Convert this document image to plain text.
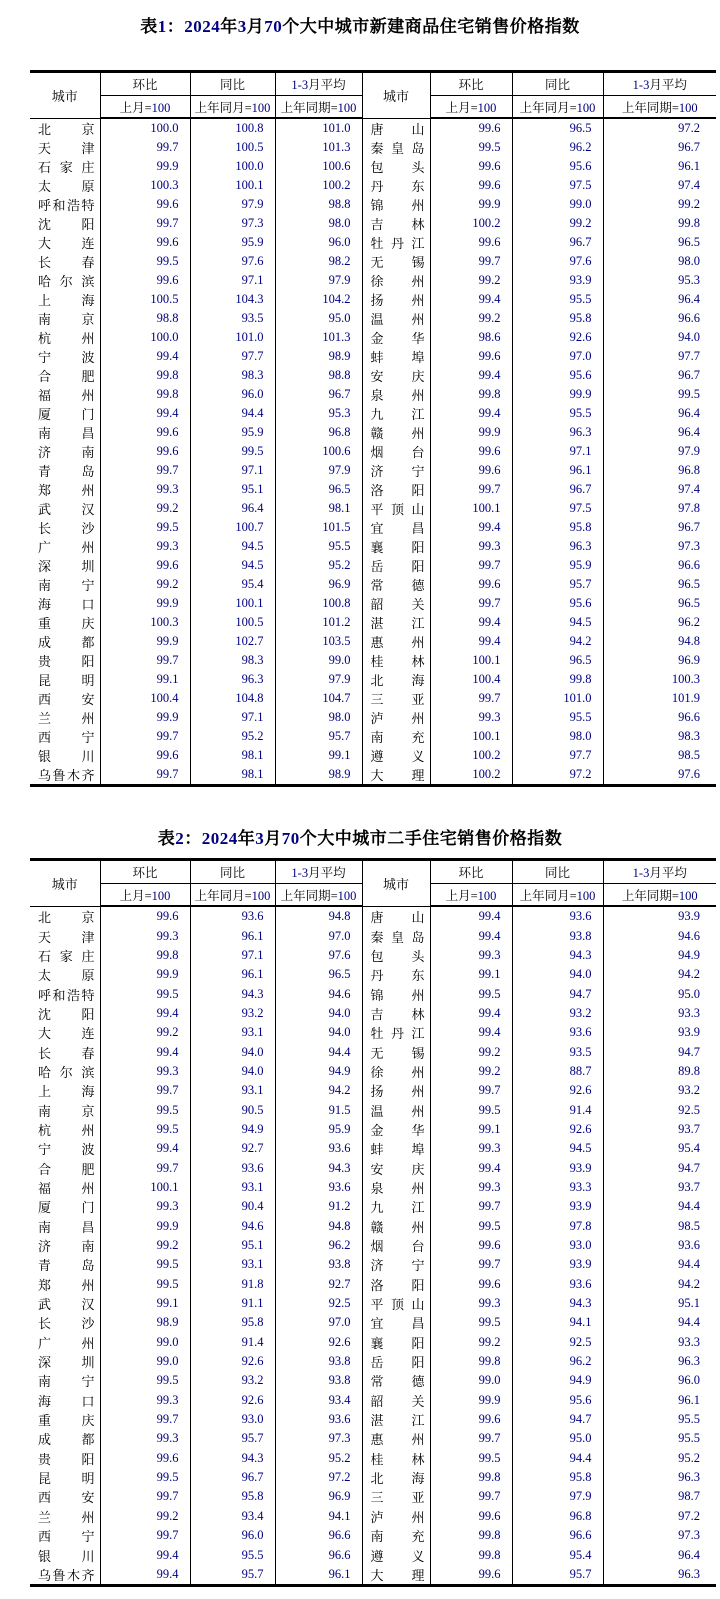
表1：2024年3月70个大中城市新建商品住宅销售价格指数
城市	环比	同比	1-3月平均	城市	环比	同比	1-3月平均
	上月=100	上年同月=100	上年同期=100		上月=100	上年同月=100	上年同期=100

北 京	100.0	100.8	101.0	唐 山	99.6	96.5	97.2

天 津	99.7	100.5	101.3	秦 皇 岛	99.5	96.2	96.7

石 家 庄	99.9	100.0	100.6	包 头	99.6	95.6	96.1

太 原	100.3	100.1	100.2	丹 东	99.6	97.5	97.4

呼 和 浩 特	99.6	97.9	98.8	锦 州	99.9	99.0	99.2

沈 阳	99.7	97.3	98.0	吉 林	100.2	99.2	99.8

大 连	99.6	95.9	96.0	牡 丹 江	99.6	96.7	96.5

长 春	99.5	97.6	98.2	无 锡	99.7	97.6	98.0

哈 尔 滨	99.6	97.1	97.9	徐 州	99.2	93.9	95.3

上 海	100.5	104.3	104.2	扬 州	99.4	95.5	96.4

南 京	98.8	93.5	95.0	温 州	99.2	95.8	96.6

杭 州	100.0	101.0	101.3	金 华	98.6	92.6	94.0

宁 波	99.4	97.7	98.9	蚌 埠	99.6	97.0	97.7

合 肥	99.8	98.3	98.8	安 庆	99.4	95.6	96.7

福 州	99.8	96.0	96.7	泉 州	99.8	99.9	99.5

厦 门	99.4	94.4	95.3	九 江	99.4	95.5	96.4

南 昌	99.6	95.9	96.8	赣 州	99.9	96.3	96.4

济 南	99.6	99.5	100.6	烟 台	99.6	97.1	97.9

青 岛	99.7	97.1	97.9	济 宁	99.6	96.1	96.8

郑 州	99.3	95.1	96.5	洛 阳	99.7	96.7	97.4

武 汉	99.2	96.4	98.1	平 顶 山	100.1	97.5	97.8

长 沙	99.5	100.7	101.5	宜 昌	99.4	95.8	96.7

广 州	99.3	94.5	95.5	襄 阳	99.3	96.3	97.3

深 圳	99.6	94.5	95.2	岳 阳	99.7	95.9	96.6

南 宁	99.2	95.4	96.9	常 德	99.6	95.7	96.5

海 口	99.9	100.1	100.8	韶 关	99.7	95.6	96.5

重 庆	100.3	100.5	101.2	湛 江	99.4	94.5	96.2

成 都	99.9	102.7	103.5	惠 州	99.4	94.2	94.8

贵 阳	99.7	98.3	99.0	桂 林	100.1	96.5	96.9

昆 明	99.1	96.3	97.9	北 海	100.4	99.8	100.3

西 安	100.4	104.8	104.7	三 亚	99.7	101.0	101.9

兰 州	99.9	97.1	98.0	泸 州	99.3	95.5	96.6

西 宁	99.7	95.2	95.7	南 充	100.1	98.0	98.3

银 川	99.6	98.1	99.1	遵 义	100.2	97.7	98.5

乌 鲁 木 齐	99.7	98.1	98.9	大 理	100.2	97.2	97.6
表2：2024年3月70个大中城市二手住宅销售价格指数
城市	环比	同比	1-3月平均	城市	环比	同比	1-3月平均
	上月=100	上年同月=100	上年同期=100		上月=100	上年同月=100	上年同期=100

北 京	99.6	93.6	94.8	唐 山	99.4	93.6	93.9

天 津	99.3	96.1	97.0	秦 皇 岛	99.4	93.8	94.6

石 家 庄	99.8	97.1	97.6	包 头	99.3	94.3	94.9

太 原	99.9	96.1	96.5	丹 东	99.1	94.0	94.2

呼 和 浩 特	99.5	94.3	94.6	锦 州	99.5	94.7	95.0

沈 阳	99.4	93.2	94.0	吉 林	99.4	93.2	93.3

大 连	99.2	93.1	94.0	牡 丹 江	99.4	93.6	93.9

长 春	99.4	94.0	94.4	无 锡	99.2	93.5	94.7

哈 尔 滨	99.3	94.0	94.9	徐 州	99.2	88.7	89.8

上 海	99.7	93.1	94.2	扬 州	99.7	92.6	93.2

南 京	99.5	90.5	91.5	温 州	99.5	91.4	92.5

杭 州	99.5	94.9	95.9	金 华	99.1	92.6	93.7

宁 波	99.4	92.7	93.6	蚌 埠	99.3	94.5	95.4

合 肥	99.7	93.6	94.3	安 庆	99.4	93.9	94.7

福 州	100.1	93.1	93.6	泉 州	99.3	93.3	93.7

厦 门	99.3	90.4	91.2	九 江	99.7	93.9	94.4

南 昌	99.9	94.6	94.8	赣 州	99.5	97.8	98.5

济 南	99.2	95.1	96.2	烟 台	99.6	93.0	93.6

青 岛	99.5	93.1	93.8	济 宁	99.7	93.9	94.4

郑 州	99.5	91.8	92.7	洛 阳	99.6	93.6	94.2

武 汉	99.1	91.1	92.5	平 顶 山	99.3	94.3	95.1

长 沙	98.9	95.8	97.0	宜 昌	99.5	94.1	94.4

广 州	99.0	91.4	92.6	襄 阳	99.2	92.5	93.3

深 圳	99.0	92.6	93.8	岳 阳	99.8	96.2	96.3

南 宁	99.5	93.2	93.8	常 德	99.0	94.9	96.0

海 口	99.3	92.6	93.4	韶 关	99.9	95.6	96.1

重 庆	99.7	93.0	93.6	湛 江	99.6	94.7	95.5

成 都	99.3	95.7	97.3	惠 州	99.7	95.0	95.5

贵 阳	99.6	94.3	95.2	桂 林	99.5	94.4	95.2

昆 明	99.5	96.7	97.2	北 海	99.8	95.8	96.3

西 安	99.7	95.8	96.9	三 亚	99.7	97.9	98.7

兰 州	99.2	93.4	94.1	泸 州	99.6	96.8	97.2

西 宁	99.7	96.0	96.6	南 充	99.8	96.6	97.3

银 川	99.4	95.5	96.6	遵 义	99.8	95.4	96.4

乌 鲁 木 齐	99.4	95.7	96.1	大 理	99.6	95.7	96.3
